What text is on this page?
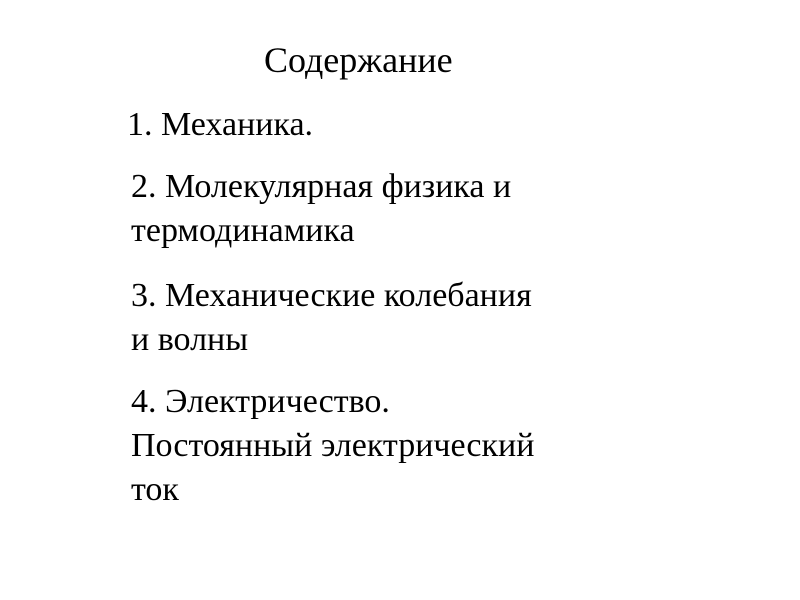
Содержание
1. Механика.
2. Молекулярная физика и
термодинамика
3. Механические колебания
и волны
4. Электричество.
Постоянный электрический
ток
